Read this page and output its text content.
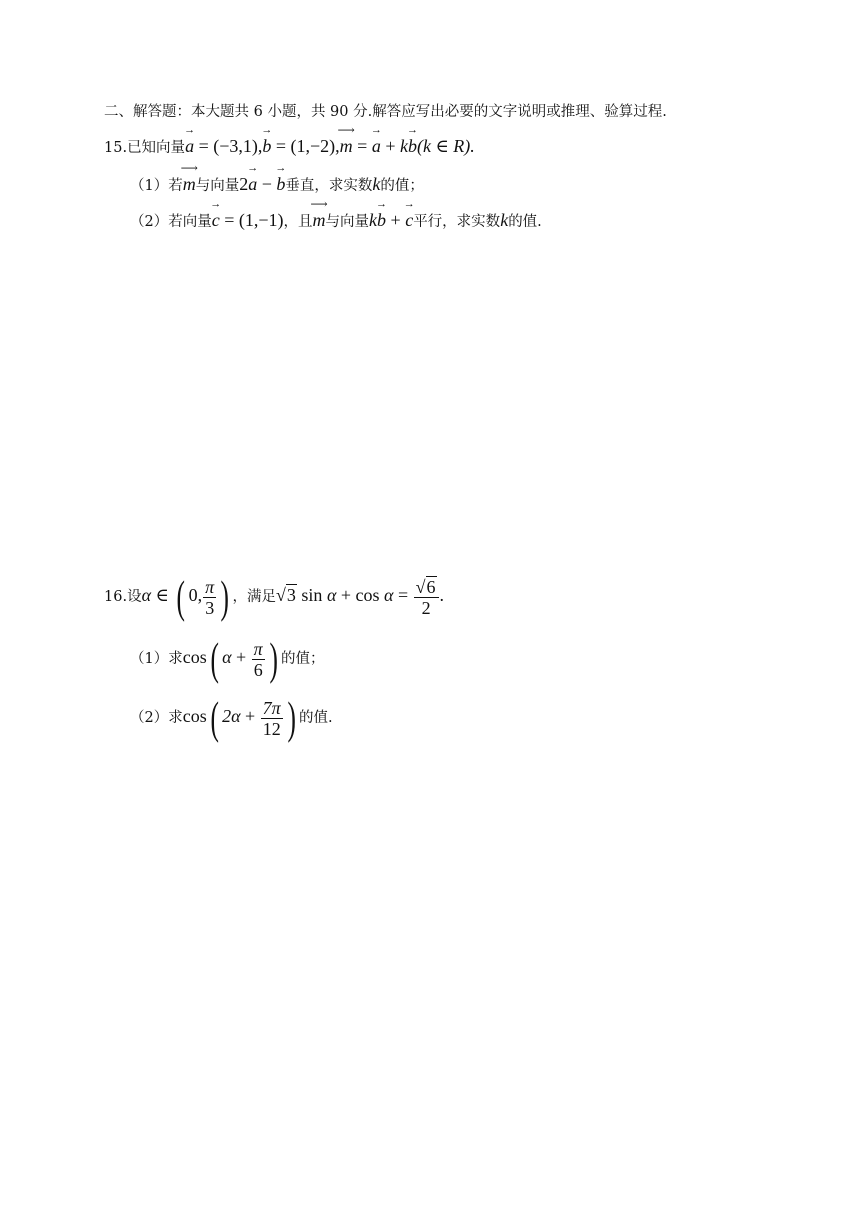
二、解答题：本大题共 6 小题，共 90 分.解答应写出必要的文字说明或推理、验算过程.
15.已知向量→ a = (−3,1),→ b = (1,−2),⟶ m = → a + k→ b(k ∈ R).
（1）若⟶ m与向量2→ a − → b垂直，求实数k的值；
（2）若向量→ c = (1,−1)，且⟶ m与向量k→ b + → c平行，求实数k的值.
16.设α ∈ ( 0, $\frac{\pi}{3}$ ) ，满足√3 $\sin \alpha + \cos \alpha = \frac{√6}{2}$ .
（1）求cos( $\alpha + \frac{\pi}{6}$ ) 的值；
（2）求cos( $2\alpha + \frac{7\pi}{12}$ ) 的值.
